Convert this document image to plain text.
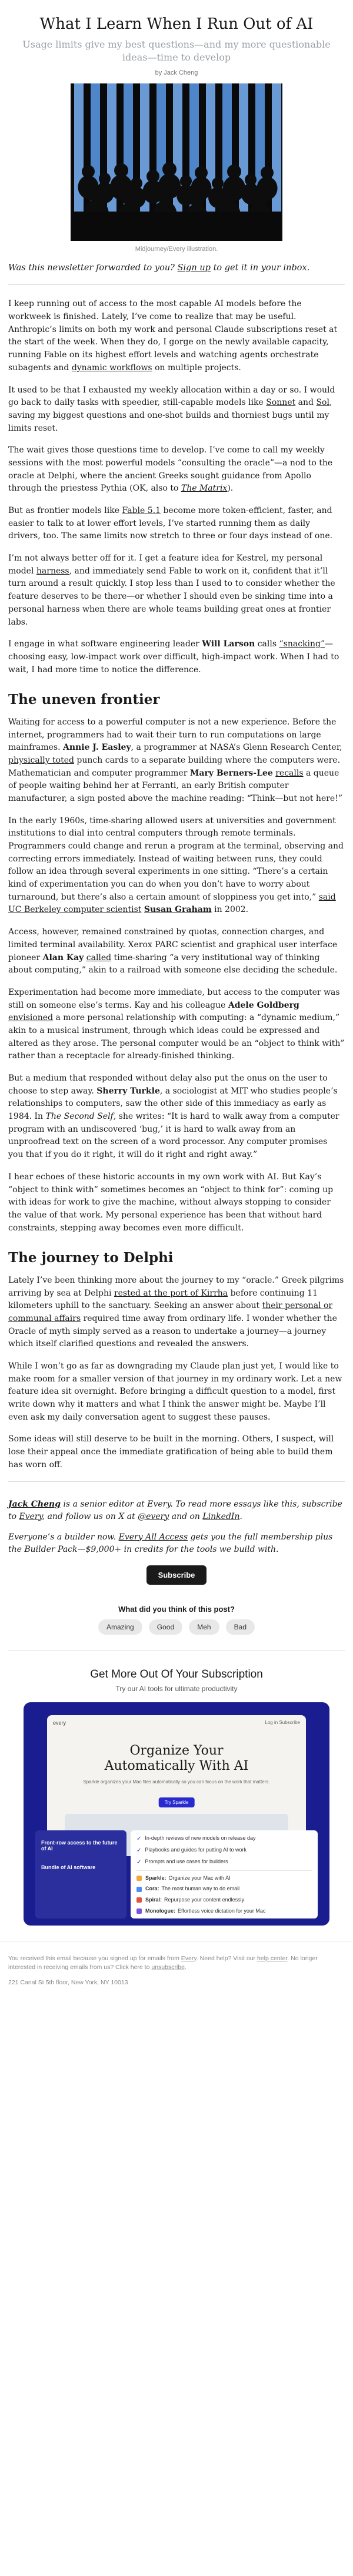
What I Learn When I Run Out of AI

Usage limits give my best questions—and my more questionable ideas—time to develop

by Jack Cheng

Midjourney/Every illustration.

Was this newsletter forwarded to you? Sign up to get it in your inbox.

I keep running out of access to the most capable AI models before the workweek is finished. Lately, I’ve come to realize that may be useful. Anthropic’s limits on both my work and personal Claude subscriptions reset at the start of the week. When they do, I gorge on the newly available capacity, running Fable on its highest effort levels and watching agents orchestrate subagents and dynamic workflows on multiple projects.

It used to be that I exhausted my weekly allocation within a day or so. I would go back to daily tasks with speedier, still-capable models like Sonnet and Sol, saving my biggest questions and one-shot builds and thorniest bugs until my limits reset.

The wait gives those questions time to develop. I’ve come to call my weekly sessions with the most powerful models “consulting the oracle”—a nod to the oracle at Delphi, where the ancient Greeks sought guidance from Apollo through the priestess Pythia (OK, also to The Matrix).

But as frontier models like Fable 5.1 become more token-efficient, faster, and easier to talk to at lower effort levels, I’ve started running them as daily drivers, too. The same limits now stretch to three or four days instead of one.

I’m not always better off for it. I get a feature idea for Kestrel, my personal model harness, and immediately send Fable to work on it, confident that it’ll turn around a result quickly. I stop less than I used to to consider whether the feature deserves to be there—or whether I should even be sinking time into a personal harness when there are whole teams building great ones at frontier labs.

I engage in what software engineering leader Will Larson calls “snacking”—choosing easy, low-impact work over difficult, high-impact work. When I had to wait, I had more time to notice the difference.

The uneven frontier

Waiting for access to a powerful computer is not a new experience. Before the internet, programmers had to wait their turn to run computations on large mainframes. Annie J. Easley, a programmer at NASA’s Glenn Research Center, physically toted punch cards to a separate building where the computers were. Mathematician and computer programmer Mary Berners-Lee recalls a queue of people waiting behind her at Ferranti, an early British computer manufacturer, a sign posted above the machine reading: “Think—but not here!”

In the early 1960s, time-sharing allowed users at universities and government institutions to dial into central computers through remote terminals. Programmers could change and rerun a program at the terminal, observing and correcting errors immediately. Instead of waiting between runs, they could follow an idea through several experiments in one sitting. “There’s a certain kind of experimentation you can do when you don’t have to worry about turnaround, but there’s also a certain amount of sloppiness you get into,” said UC Berkeley computer scientist Susan Graham in 2002.

Access, however, remained constrained by quotas, connection charges, and limited terminal availability. Xerox PARC scientist and graphical user interface pioneer Alan Kay called time-sharing “a very institutional way of thinking about computing,” akin to a railroad with someone else deciding the schedule.

Experimentation had become more immediate, but access to the computer was still on someone else’s terms. Kay and his colleague Adele Goldberg envisioned a more personal relationship with computing: a “dynamic medium,” akin to a musical instrument, through which ideas could be expressed and altered as they arose. The personal computer would be an “object to think with” rather than a receptacle for already-finished thinking.

But a medium that responded without delay also put the onus on the user to choose to step away. Sherry Turkle, a sociologist at MIT who studies people’s relationships to computers, saw the other side of this immediacy as early as 1984. In The Second Self, she writes: “It is hard to walk away from a computer program with an undiscovered ‘bug,’ it is hard to walk away from an unproofread text on the screen of a word processor. Any computer promises you that if you do it right, it will do it right and right away.”

I hear echoes of these historic accounts in my own work with AI. But Kay’s “object to think with” sometimes becomes an “object to think for”: coming up with ideas for work to give the machine, without always stopping to consider the value of that work. My personal experience has been that without hard constraints, stepping away becomes even more difficult.

The journey to Delphi

Lately I’ve been thinking more about the journey to my “oracle.” Greek pilgrims arriving by sea at Delphi rested at the port of Kirrha before continuing 11 kilometers uphill to the sanctuary. Seeking an answer about their personal or communal affairs required time away from ordinary life. I wonder whether the Oracle of myth simply served as a reason to undertake a journey—a journey which itself clarified questions and revealed the answers.

While I won’t go as far as downgrading my Claude plan just yet, I would like to make room for a smaller version of that journey in my ordinary work. Let a new feature idea sit overnight. Before bringing a difficult question to a model, first write down why it matters and what I think the answer might be. Maybe I’ll even ask my daily conversation agent to suggest these pauses.

Some ideas will still deserve to be built in the morning. Others, I suspect, will lose their appeal once the immediate gratification of being able to build them has worn off.

Jack Cheng is a senior editor at Every. To read more essays like this, subscribe to Every, and follow us on X at @every and on LinkedIn.

Everyone’s a builder now. Every All Access gets you the full membership plus the Builder Pack—$9,000+ in credits for the tools we build with.

Subscribe

What did you think of this post?

Amazing	Good	Meh	Bad

Get More Out Of Your Subscription

Try our AI tools for ultimate productivity

every	Log in Subscribe
Organize Your
Automatically With AI
Sparkle organizes your Mac files automatically so you can focus on the work that matters.
Try Sparkle
Front-row access to the future of AI
Bundle of AI software
✓ In-depth reviews of new models on release day
✓ Playbooks and guides for putting AI to work
✓ Prompts and use cases for builders
Sparkle: Organize your Mac with AI
Cora: The most human way to do email
Spiral: Repurpose your content endlessly
Monologue: Effortless voice dictation for your Mac

You received this email because you signed up for emails from Every. Need help? Visit our help center. No longer interested in receiving emails from us? Click here to unsubscribe.

221 Canal St 5th floor, New York, NY 10013
